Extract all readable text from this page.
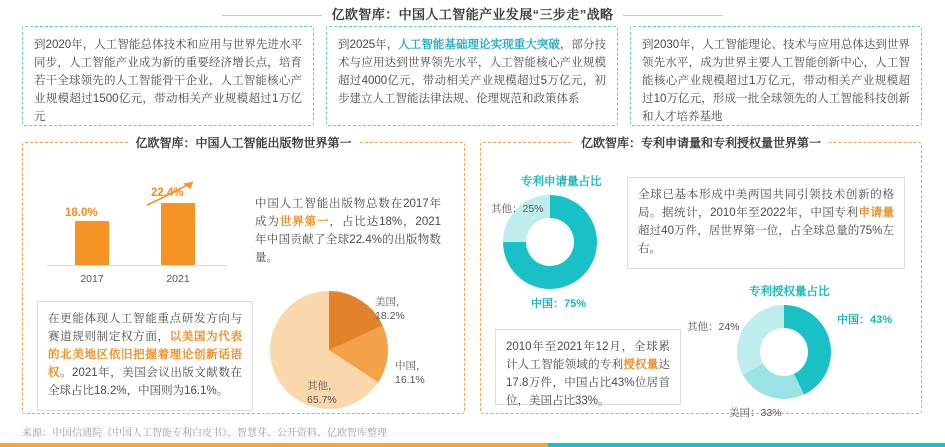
亿欧智库：中国人工智能产业发展“三步走”战略
到2020年，人工智能总体技术和应用与世界先进水平同步，人工智能产业成为新的重要经济增长点，培育若干全球领先的人工智能骨干企业，人工智能核心产业规模超过1500亿元，带动相关产业规模超过1万亿元
到2025年，人工智能基础理论实现重大突破，部分技术与应用达到世界领先水平，人工智能核心产业规模超过4000亿元，带动相关产业规模超过5万亿元，初步建立人工智能法律法规、伦理规范和政策体系
到2030年，人工智能理论、技术与应用总体达到世界领先水平，成为世界主要人工智能创新中心，人工智能核心产业规模超过1万亿元，带动相关产业规模超过10万亿元，形成一批全球领先的人工智能科技创新和人才培养基地
亿欧智库：中国人工智能出版物世界第一
18.0%
22.4%
2017	2021
中国人工智能出版物总数在2017年成为世界第一，占比达18%，2021年中国贡献了全球22.4%的出版物数量。
在更能体现人工智能重点研发方向与赛道规则制定权方面，以美国为代表的北美地区依旧把握着理论创新话语权。2021年，美国会议出版文献数在全球占比18.2%，中国则为16.1%。
美国，
18.2%
中国，
16.1%
其他，
65.7%
亿欧智库：专利申请量和专利授权量世界第一
专利申请量占比
其他：25%
中国：75%
全球已基本形成中美两国共同引领技术创新的格局。据统计，2010年至2022年，中国专利申请量超过40万件，居世界第一位，占全球总量的75%左右。
专利授权量占比
其他：24%
中国：43%
美国：33%
2010年至2021年12月，全球累计人工智能领域的专利授权量达17.8万件，中国占比43%位居首位，美国占比33%。
来源：中国信通院《中国人工智能专利白皮书》、智慧芽、公开资料、亿欧智库整理
